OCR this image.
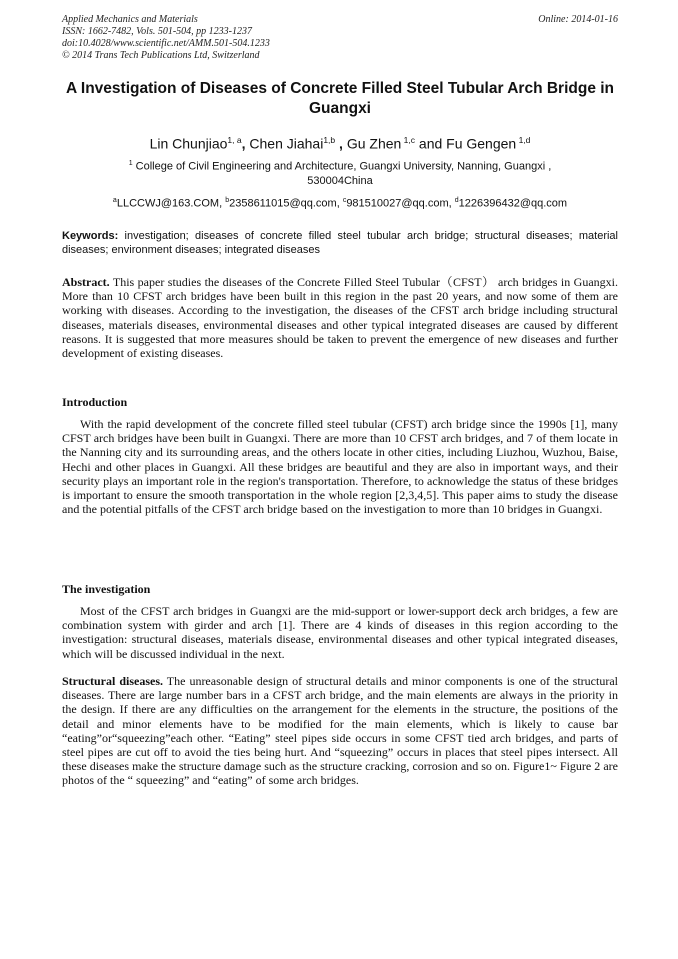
Applied Mechanics and Materials
ISSN: 1662-7482, Vols. 501-504, pp 1233-1237
doi:10.4028/www.scientific.net/AMM.501-504.1233
© 2014 Trans Tech Publications Ltd, Switzerland
Online: 2014-01-16
A Investigation of Diseases of Concrete Filled Steel Tubular Arch Bridge in Guangxi
Lin Chunjiao$^{1, a}$, Chen Jiahai$^{1,b}$ , Gu Zhen $^{1,c}$ and Fu Gengen $^{1,d}$
$^1$ College of Civil Engineering and Architecture, Guangxi University, Nanning, Guangxi , 530004China
$^a$LLCCWJ@163.COM, $^b$2358611015@qq.com, $^c$981510027@qq.com, $^d$1226396432@qq.com
Keywords: investigation; diseases of concrete filled steel tubular arch bridge; structural diseases; material diseases; environment diseases; integrated diseases
Abstract. This paper studies the diseases of the Concrete Filled Steel Tubular（CFST） arch bridges in Guangxi. More than 10 CFST arch bridges have been built in this region in the past 20 years, and now some of them are working with diseases. According to the investigation, the diseases of the CFST arch bridge including structural diseases, materials diseases, environmental diseases and other typical integrated diseases are caused by different reasons. It is suggested that more measures should be taken to prevent the emergence of new diseases and further development of existing diseases.
Introduction
With the rapid development of the concrete filled steel tubular (CFST) arch bridge since the 1990s [1], many CFST arch bridges have been built in Guangxi. There are more than 10 CFST arch bridges, and 7 of them locate in the Nanning city and its surrounding areas, and the others locate in other cities, including Liuzhou, Wuzhou, Baise, Hechi and other places in Guangxi. All these bridges are beautiful and they are also in important ways, and their security plays an important role in the region's transportation. Therefore, to acknowledge the status of these bridges is important to ensure the smooth transportation in the whole region [2,3,4,5]. This paper aims to study the disease and the potential pitfalls of the CFST arch bridge based on the investigation to more than 10 bridges in Guangxi.
The investigation
Most of the CFST arch bridges in Guangxi are the mid-support or lower-support deck arch bridges, a few are combination system with girder and arch [1]. There are 4 kinds of diseases in this region according to the investigation: structural diseases, materials disease, environmental diseases and other typical integrated diseases, which will be discussed individual in the next.
Structural diseases. The unreasonable design of structural details and minor components is one of the structural diseases. There are large number bars in a CFST arch bridge, and the main elements are always in the priority in the design. If there are any difficulties on the arrangement for the elements in the structure, the positions of the detail and minor elements have to be modified for the main elements, which is likely to cause bar “eating”or“squeezing”each other. “Eating” steel pipes side occurs in some CFST tied arch bridges, and parts of steel pipes are cut off to avoid the ties being hurt. And “squeezing” occurs in places that steel pipes intersect. All these diseases make the structure damage such as the structure cracking, corrosion and so on. Figure1~ Figure 2 are photos of the “ squeezing” and “eating” of some arch bridges.
